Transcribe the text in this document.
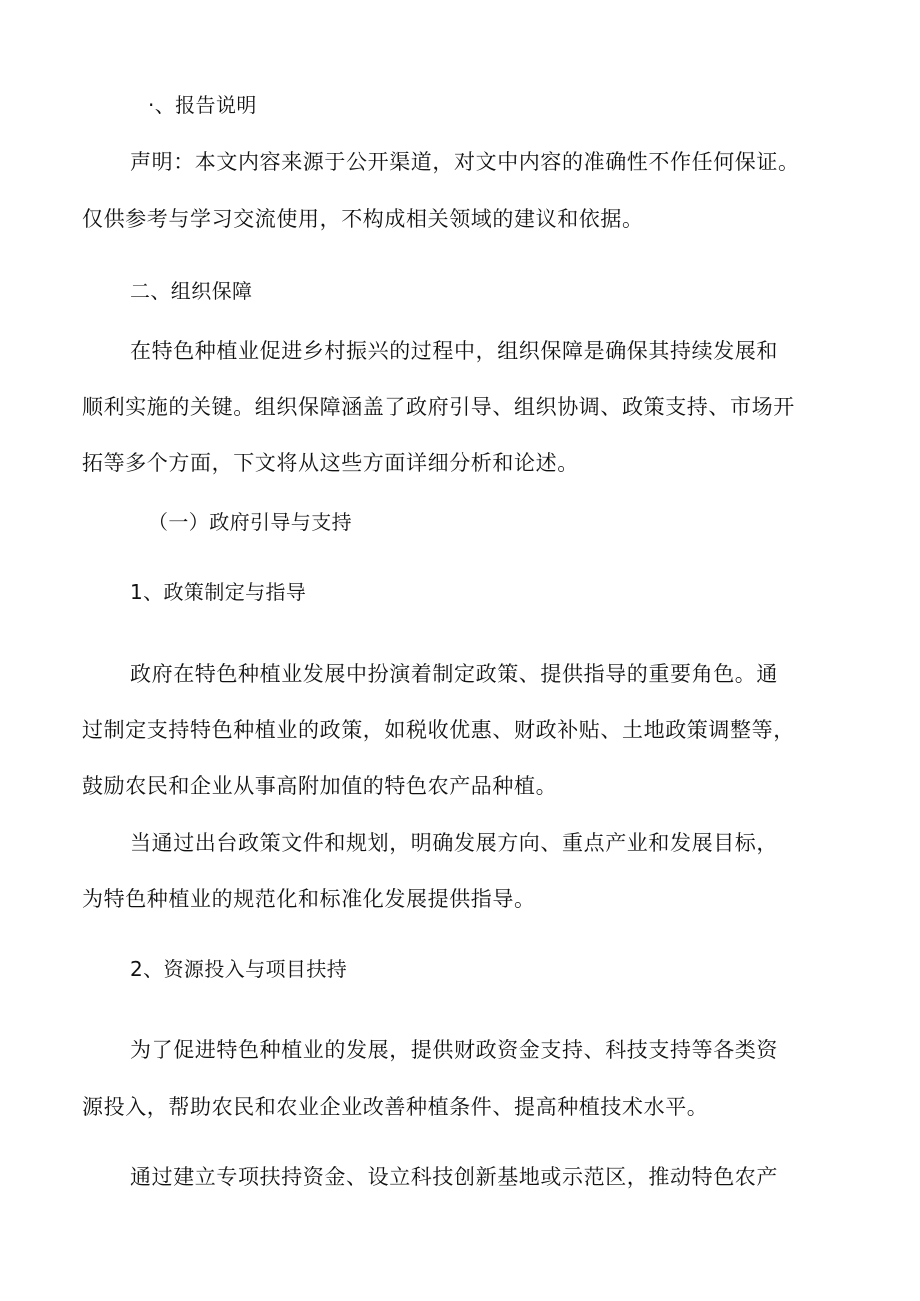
·、报告说明
声明：本文内容来源于公开渠道，对文中内容的准确性不作任何保证。
仅供参考与学习交流使用，不构成相关领域的建议和依据。
二、组织保障
在特色种植业促进乡村振兴的过程中，组织保障是确保其持续发展和
顺利实施的关键。组织保障涵盖了政府引导、组织协调、政策支持、市场开
拓等多个方面，下文将从这些方面详细分析和论述。
（一）政府引导与支持
1、政策制定与指导
政府在特色种植业发展中扮演着制定政策、提供指导的重要角色。通
过制定支持特色种植业的政策，如税收优惠、财政补贴、土地政策调整等，
鼓励农民和企业从事高附加值的特色农产品种植。
当通过出台政策文件和规划，明确发展方向、重点产业和发展目标，
为特色种植业的规范化和标准化发展提供指导。
2、资源投入与项目扶持
为了促进特色种植业的发展，提供财政资金支持、科技支持等各类资
源投入，帮助农民和农业企业改善种植条件、提高种植技术水平。
通过建立专项扶持资金、设立科技创新基地或示范区，推动特色农产
